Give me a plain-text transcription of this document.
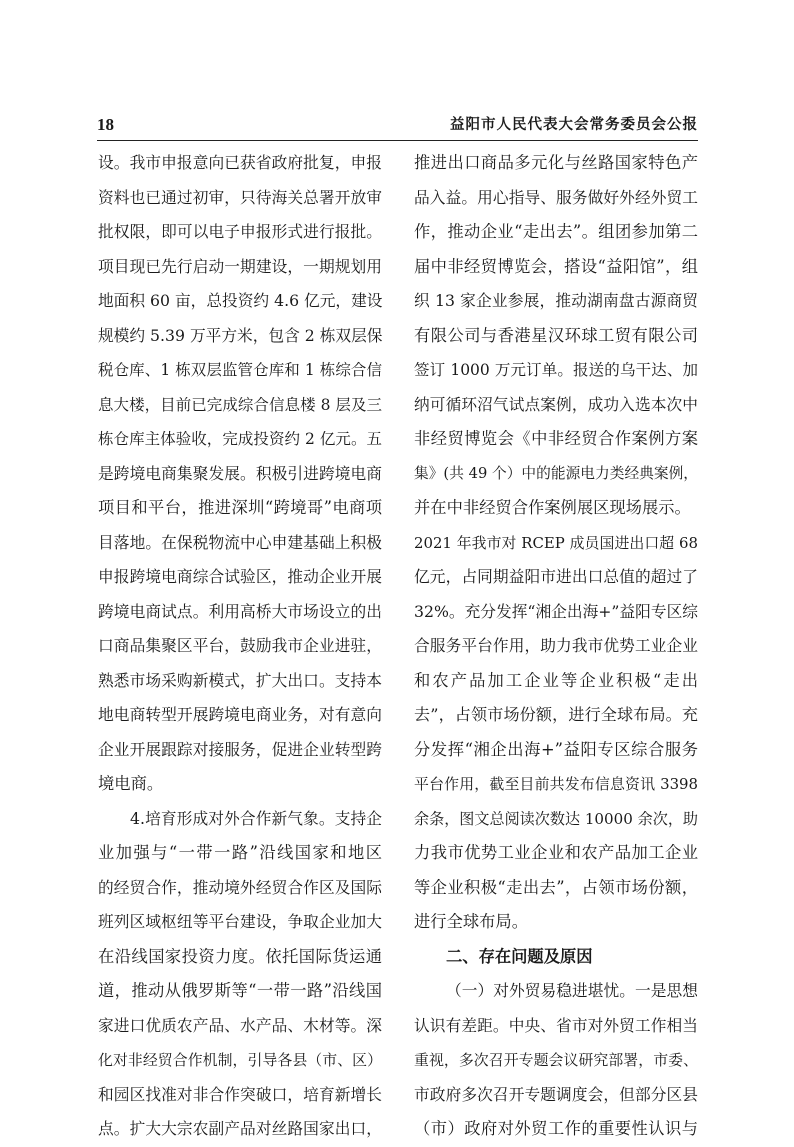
18	益阳市人民代表大会常务委员会公报
设。我市申报意向已获省政府批复，申报
资料也已通过初审，只待海关总署开放审
批权限，即可以电子申报形式进行报批。
项目现已先行启动一期建设，一期规划用
地面积 60 亩，总投资约 4.6 亿元，建设
规模约 5.39 万平方米，包含 2 栋双层保
税仓库、1 栋双层监管仓库和 1 栋综合信
息大楼，目前已完成综合信息楼 8 层及三
栋仓库主体验收，完成投资约 2 亿元。五
是跨境电商集聚发展。积极引进跨境电商
项目和平台，推进深圳“跨境哥”电商项
目落地。在保税物流中心申建基础上积极
申报跨境电商综合试验区，推动企业开展
跨境电商试点。利用高桥大市场设立的出
口商品集聚区平台，鼓励我市企业进驻，
熟悉市场采购新模式，扩大出口。支持本
地电商转型开展跨境电商业务，对有意向
企业开展跟踪对接服务，促进企业转型跨
境电商。
4.培育形成对外合作新气象。支持企
业加强与“一带一路”沿线国家和地区
的经贸合作，推动境外经贸合作区及国际
班列区域枢纽等平台建设，争取企业加大
在沿线国家投资力度。依托国际货运通
道，推动从俄罗斯等“一带一路”沿线国
家进口优质农产品、水产品、木材等。深
化对非经贸合作机制，引导各县（市、区）
和园区找准对非合作突破口，培育新增长
点。扩大大宗农副产品对丝路国家出口，
推进出口商品多元化与丝路国家特色产
品入益。用心指导、服务做好外经外贸工
作，推动企业“走出去”。组团参加第二
届中非经贸博览会，搭设“益阳馆”，组
织 13 家企业参展，推动湖南盘古源商贸
有限公司与香港星汉环球工贸有限公司
签订 1000 万元订单。报送的乌干达、加
纳可循环沼气试点案例，成功入选本次中
非经贸博览会《中非经贸合作案例方案
集》(共 49 个）中的能源电力类经典案例，
并在中非经贸合作案例展区现场展示。
2021 年我市对 RCEP 成员国进出口超 68
亿元，占同期益阳市进出口总值的超过了
32%。充分发挥“湘企出海+”益阳专区综
合服务平台作用，助力我市优势工业企业
和农产品加工企业等企业积极“走出
去”，占领市场份额，进行全球布局。充
分发挥“湘企出海+”益阳专区综合服务
平台作用，截至目前共发布信息资讯 3398
余条，图文总阅读次数达 10000 余次，助
力我市优势工业企业和农产品加工企业
等企业积极“走出去”，占领市场份额，
进行全球布局。
二、存在问题及原因
（一）对外贸易稳进堪忧。一是思想
认识有差距。中央、省市对外贸工作相当
重视，多次召开专题会议研究部署，市委、
市政府多次召开专题调度会，但部分区县
（市）政府对外贸工作的重要性认识与
